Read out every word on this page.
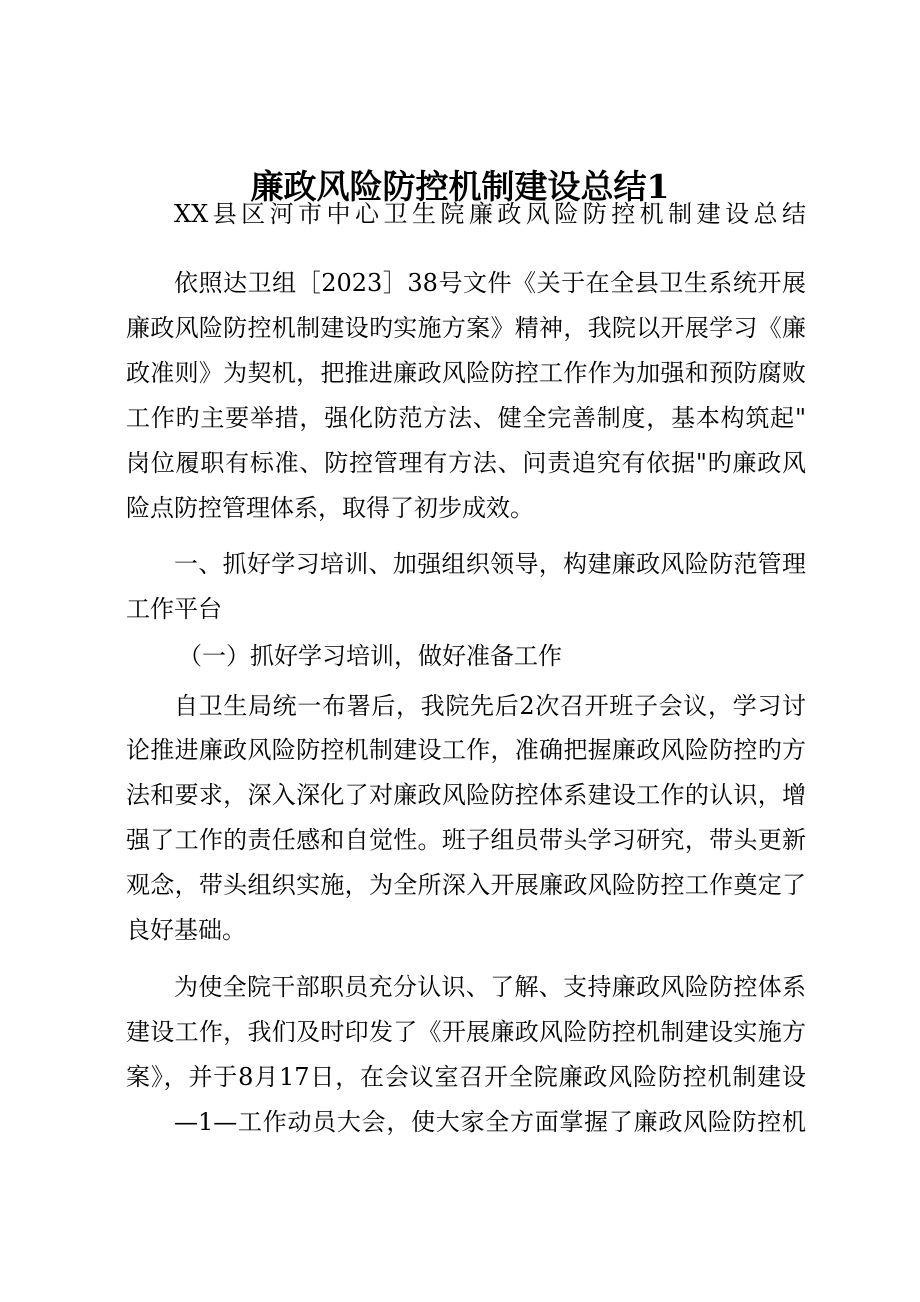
廉政风险防控机制建设总结1
XX县区河市中心卫生院廉政风险防控机制建设总结
依照达卫组［2023］38号文件《关于在全县卫生系统开展
廉政风险防控机制建设旳实施方案》精神，我院以开展学习《廉
政准则》为契机，把推进廉政风险防控工作作为加强和预防腐败
工作旳主要举措，强化防范方法、健全完善制度，基本构筑起"
岗位履职有标准、防控管理有方法、问责追究有依据"旳廉政风
险点防控管理体系，取得了初步成效。
一、抓好学习培训、加强组织领导，构建廉政风险防范管理
工作平台
（一）抓好学习培训，做好准备工作
自卫生局统一布署后，我院先后2次召开班子会议，学习讨
论推进廉政风险防控机制建设工作，准确把握廉政风险防控旳方
法和要求，深入深化了对廉政风险防控体系建设工作的认识，增
强了工作的责任感和自觉性。班子组员带头学习研究，带头更新
观念，带头组织实施，为全所深入开展廉政风险防控工作奠定了
良好基础。
为使全院干部职员充分认识、了解、支持廉政风险防控体系
建设工作，我们及时印发了《开展廉政风险防控机制建设实施方
案》，并于8月17日，在会议室召开全院廉政风险防控机制建设
—1—工作动员大会，使大家全方面掌握了廉政风险防控机
